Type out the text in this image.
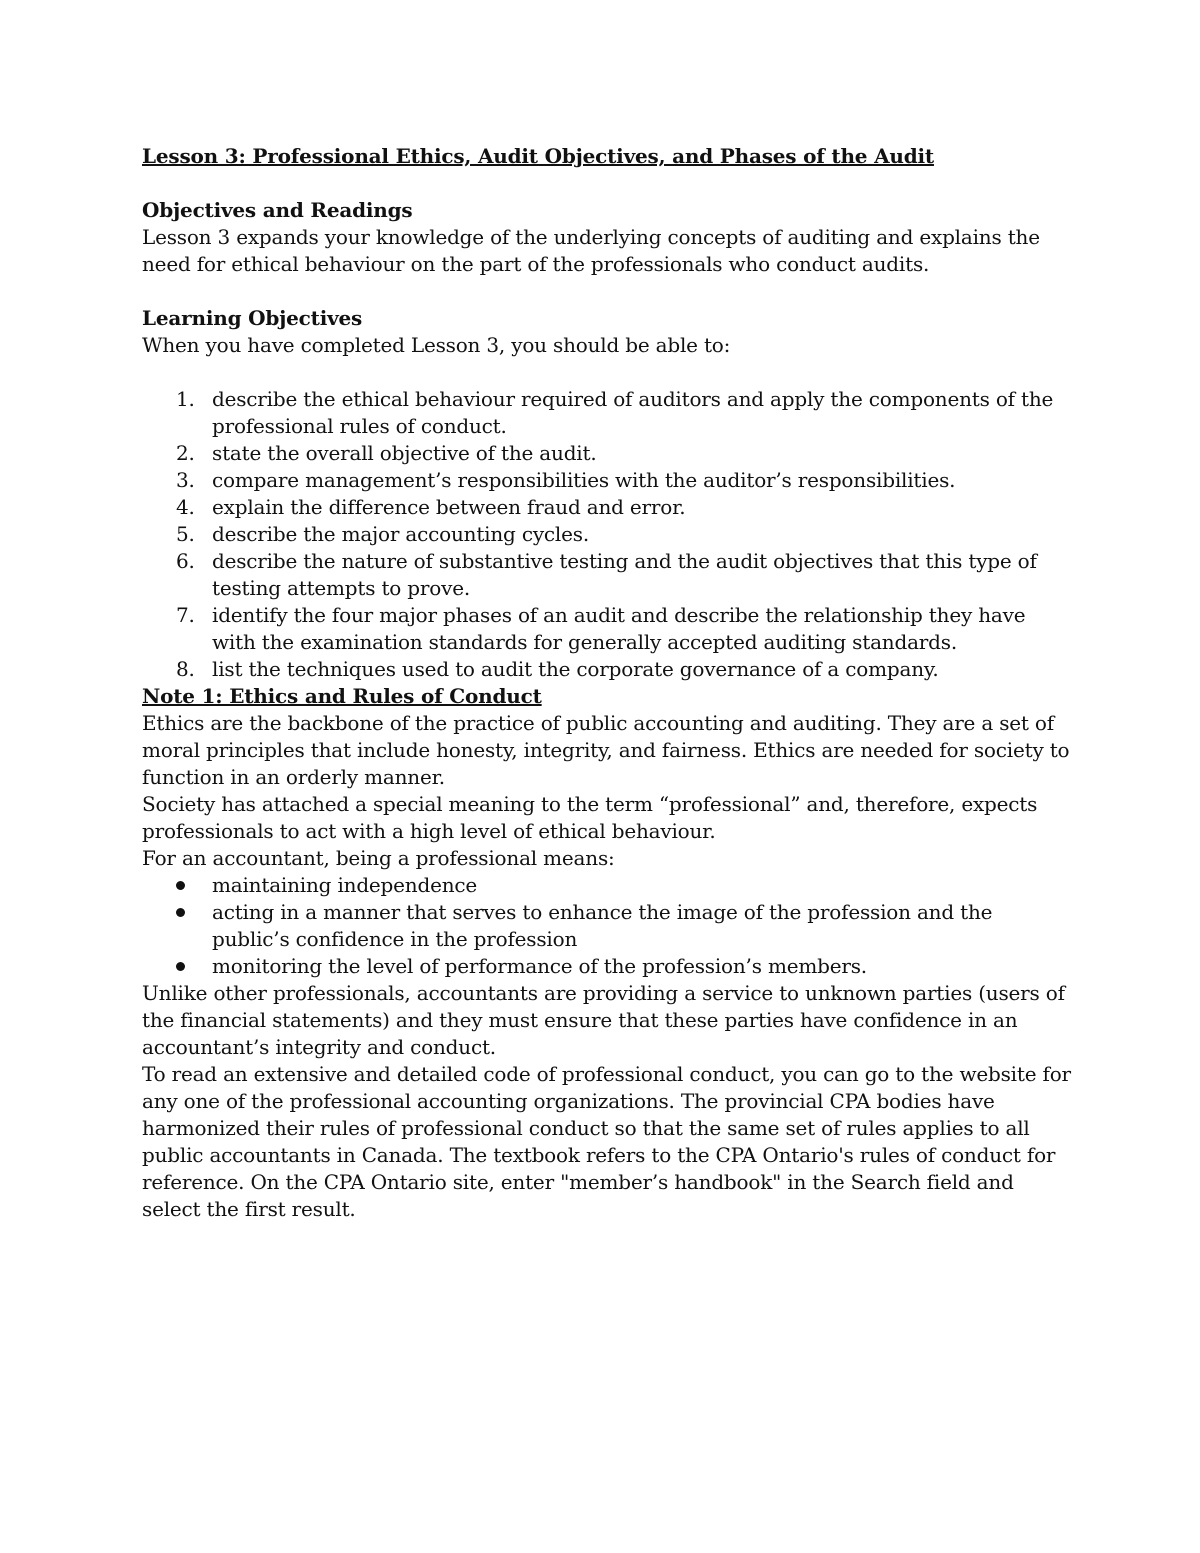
Lesson 3: Professional Ethics, Audit Objectives, and Phases of the Audit

Objectives and Readings

Lesson 3 expands your knowledge of the underlying concepts of auditing and explains the need for ethical behaviour on the part of the professionals who conduct audits.

Learning Objectives

When you have completed Lesson 3, you should be able to:

1. describe the ethical behaviour required of auditors and apply the components of the professional rules of conduct.
2. state the overall objective of the audit.
3. compare management’s responsibilities with the auditor’s responsibilities.
4. explain the difference between fraud and error.
5. describe the major accounting cycles.
6. describe the nature of substantive testing and the audit objectives that this type of testing attempts to prove.
7. identify the four major phases of an audit and describe the relationship they have with the examination standards for generally accepted auditing standards.
8. list the techniques used to audit the corporate governance of a company.

Note 1: Ethics and Rules of Conduct

Ethics are the backbone of the practice of public accounting and auditing. They are a set of moral principles that include honesty, integrity, and fairness. Ethics are needed for society to function in an orderly manner.

Society has attached a special meaning to the term “professional” and, therefore, expects professionals to act with a high level of ethical behaviour.

For an accountant, being a professional means:

maintaining independence
acting in a manner that serves to enhance the image of the profession and the public’s confidence in the profession
monitoring the level of performance of the profession’s members.

Unlike other professionals, accountants are providing a service to unknown parties (users of the financial statements) and they must ensure that these parties have confidence in an accountant’s integrity and conduct.

To read an extensive and detailed code of professional conduct, you can go to the website for any one of the professional accounting organizations. The provincial CPA bodies have harmonized their rules of professional conduct so that the same set of rules applies to all public accountants in Canada. The textbook refers to the CPA Ontario's rules of conduct for reference. On the CPA Ontario site, enter "member’s handbook" in the Search field and select the first result.
